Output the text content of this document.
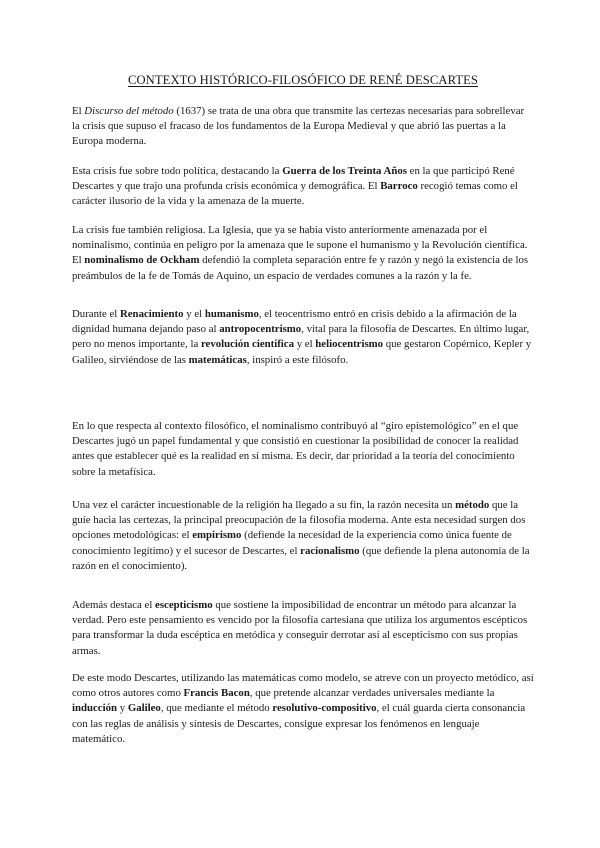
CONTEXTO HISTÓRICO-FILOSÓFICO DE RENÉ DESCARTES

El Discurso del método (1637) se trata de una obra que transmite las certezas necesarias para sobrellevar la crisis que supuso el fracaso de los fundamentos de la Europa Medieval y que abrió las puertas a la Europa moderna.

Esta crisis fue sobre todo política, destacando la Guerra de los Treinta Años en la que participó René Descartes y que trajo una profunda crisis económica y demográfica. El Barroco recogió temas como el carácter ilusorio de la vida y la amenaza de la muerte.

La crisis fue también religiosa. La Iglesia, que ya se había visto anteriormente amenazada por el nominalismo, continúa en peligro por la amenaza que le supone el humanismo y la Revolución científica. El nominalismo de Ockham defendió la completa separación entre fe y razón y negó la existencia de los preámbulos de la fe de Tomás de Aquino, un espacio de verdades comunes a la razón y la fe.

Durante el Renacimiento y el humanismo, el teocentrismo entró en crisis debido a la afirmación de la dignidad humana dejando paso al antropocentrismo, vital para la filosofía de Descartes. En último lugar, pero no menos importante, la revolución científica y el heliocentrismo que gestaron Copérnico, Kepler y Galileo, sirviéndose de las matemáticas, inspiró a este filósofo.

En lo que respecta al contexto filosófico, el nominalismo contribuyó al “giro epistemológico” en el que Descartes jugó un papel fundamental y que consistió en cuestionar la posibilidad de conocer la realidad antes que establecer qué es la realidad en sí misma. Es decir, dar prioridad a la teoría del conocimiento sobre la metafísica.

Una vez el carácter incuestionable de la religión ha llegado a su fin, la razón necesita un método que la guíe hacia las certezas, la principal preocupación de la filosofía moderna. Ante esta necesidad surgen dos opciones metodológicas: el empirismo (defiende la necesidad de la experiencia como única fuente de conocimiento legítimo) y el sucesor de Descartes, el racionalismo (que defiende la plena autonomía de la razón en el conocimiento).

Además destaca el escepticismo que sostiene la imposibilidad de encontrar un método para alcanzar la verdad. Pero este pensamiento es vencido por la filosofía cartesiana que utiliza los argumentos escépticos para transformar la duda escéptica en metódica y conseguir derrotar así al escepticismo con sus propias armas.

De este modo Descartes, utilizando las matemáticas como modelo, se atreve con un proyecto metódico, así como otros autores como Francis Bacon, que pretende alcanzar verdades universales mediante la inducción y Galileo, que mediante el método resolutivo-compositivo, el cuál guarda cierta consonancia con las reglas de análisis y síntesis de Descartes, consigue expresar los fenómenos en lenguaje matemático.
